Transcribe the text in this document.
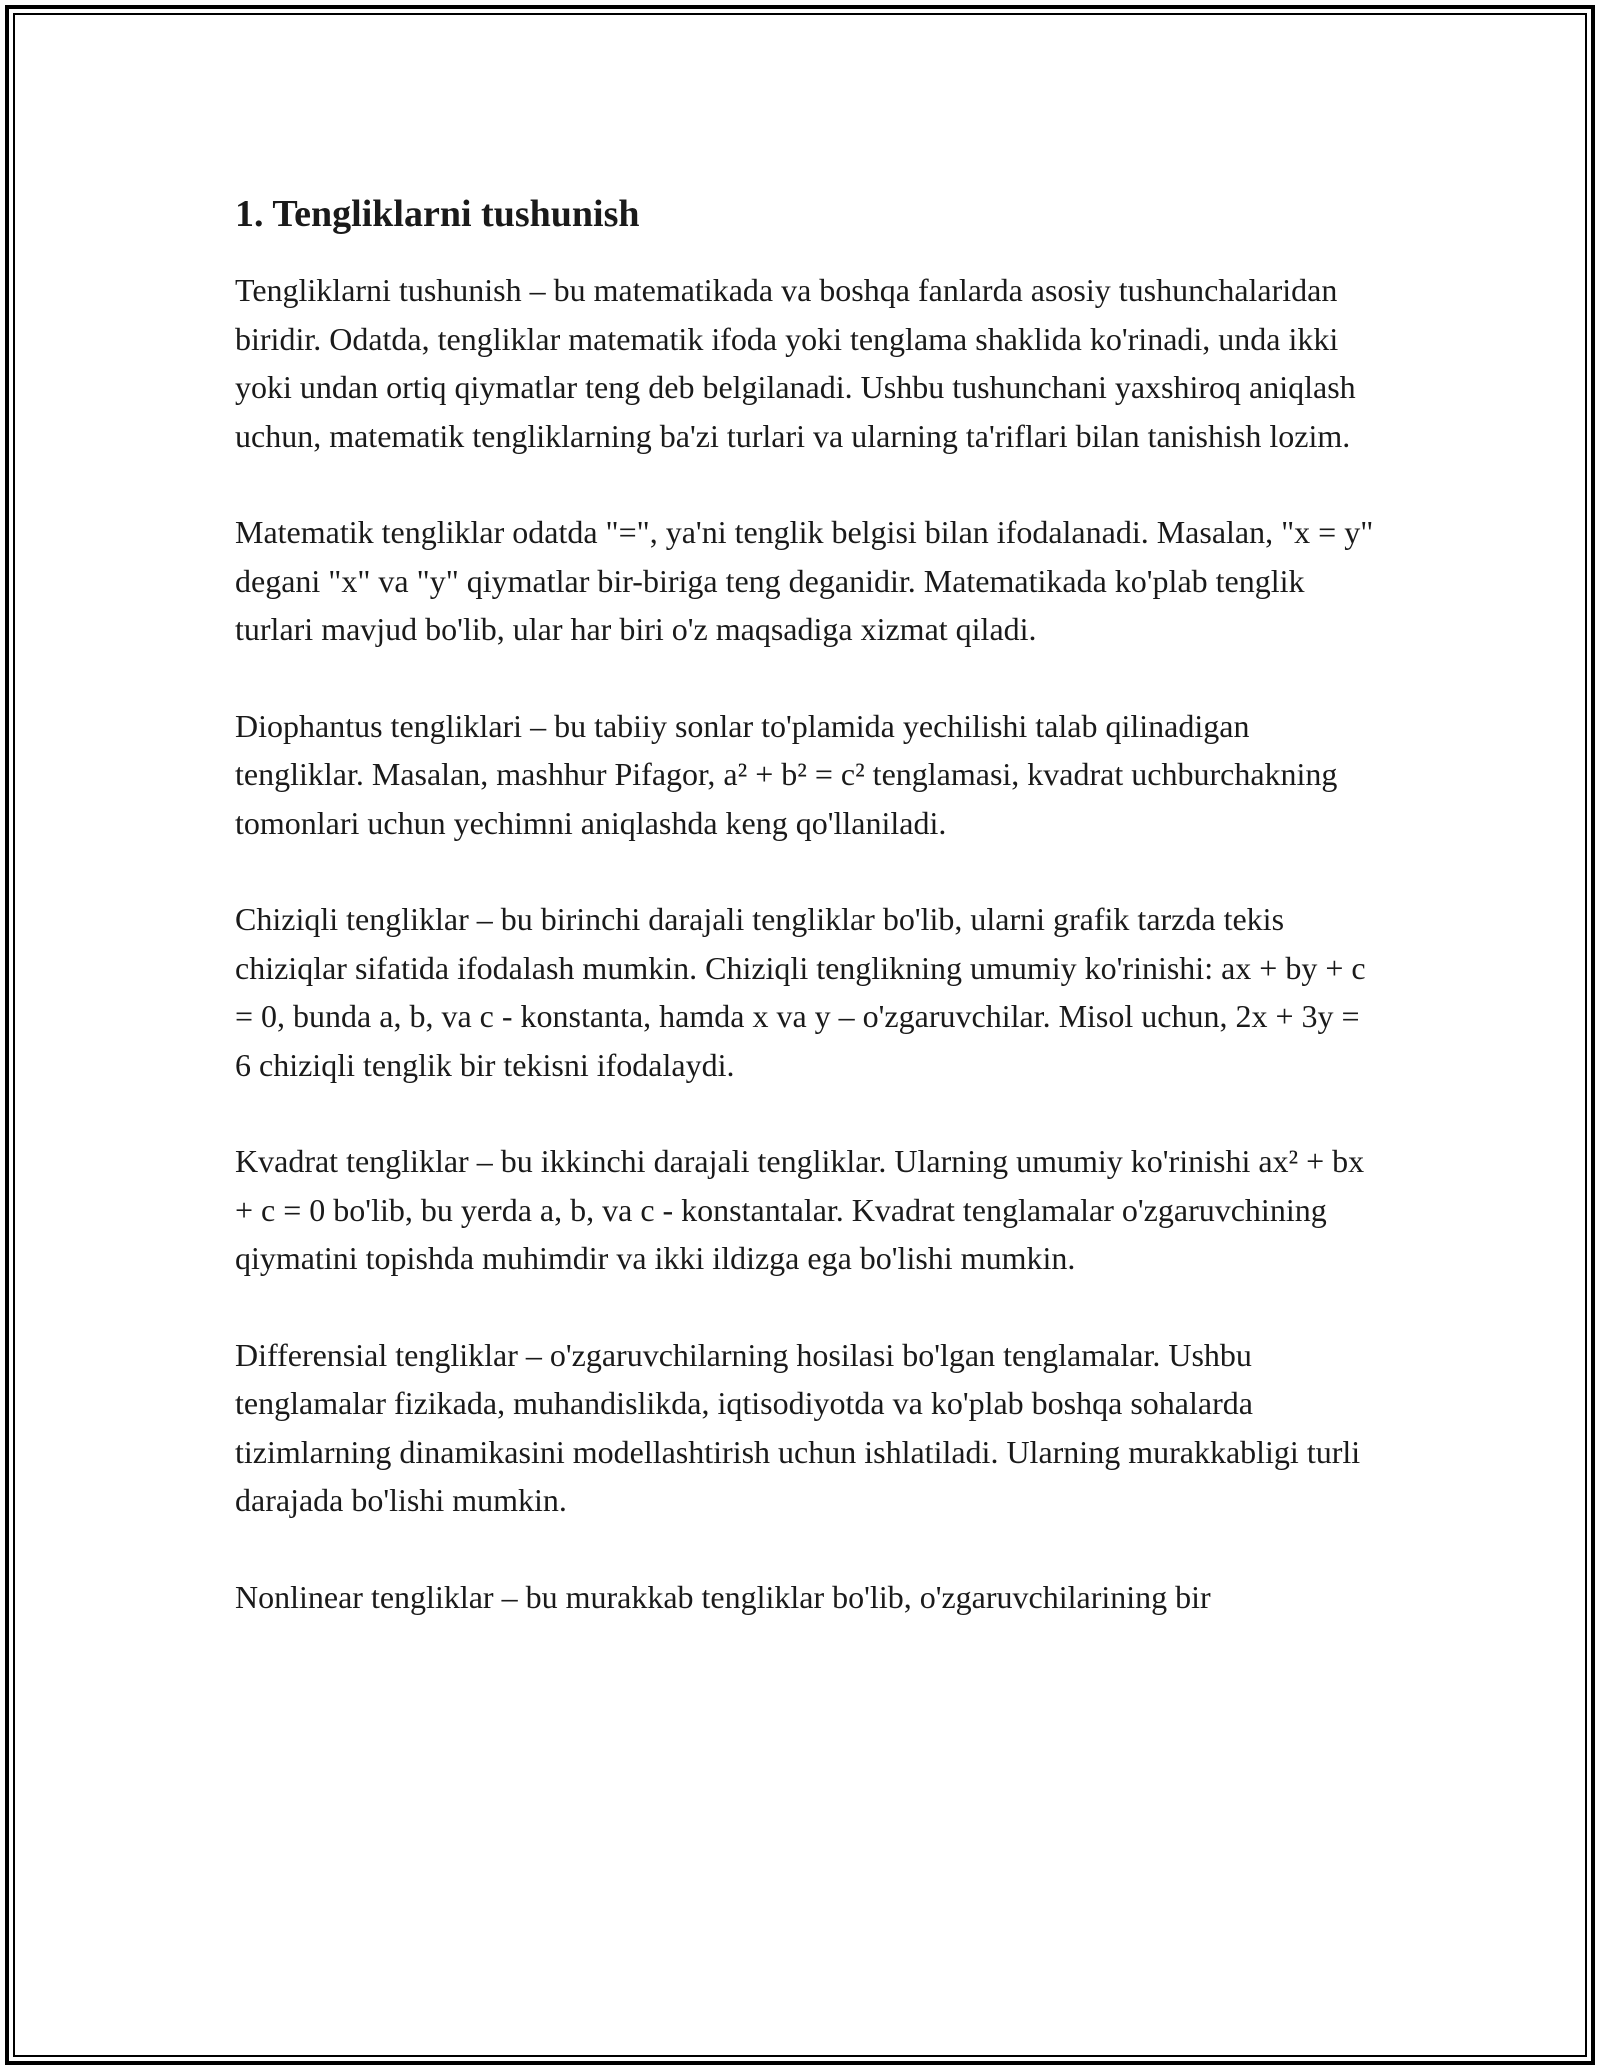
1. Tengliklarni tushunish

Tengliklarni tushunish – bu matematikada va boshqa fanlarda asosiy tushunchalaridan biridir. Odatda, tengliklar matematik ifoda yoki tenglama shaklida ko'rinadi, unda ikki yoki undan ortiq qiymatlar teng deb belgilanadi. Ushbu tushunchani yaxshiroq aniqlash uchun, matematik tengliklarning ba'zi turlari va ularning ta'riflari bilan tanishish lozim.

Matematik tengliklar odatda "=", ya'ni tenglik belgisi bilan ifodalanadi. Masalan, "x = y" degani "x" va "y" qiymatlar bir-biriga teng deganidir. Matematikada ko'plab tenglik turlari mavjud bo'lib, ular har biri o'z maqsadiga xizmat qiladi.

Diophantus tengliklari – bu tabiiy sonlar to'plamida yechilishi talab qilinadigan tengliklar. Masalan, mashhur Pifagor, a² + b² = c² tenglamasi, kvadrat uchburchakning tomonlari uchun yechimni aniqlashda keng qo'llaniladi.

Chiziqli tengliklar – bu birinchi darajali tengliklar bo'lib, ularni grafik tarzda tekis chiziqlar sifatida ifodalash mumkin. Chiziqli tenglikning umumiy ko'rinishi: ax + by + c = 0, bunda a, b, va c - konstanta, hamda x va y – o'zgaruvchilar. Misol uchun, 2x + 3y = 6 chiziqli tenglik bir tekisni ifodalaydi.

Kvadrat tengliklar – bu ikkinchi darajali tengliklar. Ularning umumiy ko'rinishi ax² + bx + c = 0 bo'lib, bu yerda a, b, va c - konstantalar. Kvadrat tenglamalar o'zgaruvchining qiymatini topishda muhimdir va ikki ildizga ega bo'lishi mumkin.

Differensial tengliklar – o'zgaruvchilarning hosilasi bo'lgan tenglamalar. Ushbu tenglamalar fizikada, muhandislikda, iqtisodiyotda va ko'plab boshqa sohalarda tizimlarning dinamikasini modellashtirish uchun ishlatiladi. Ularning murakkabligi turli darajada bo'lishi mumkin.

Nonlinear tengliklar – bu murakkab tengliklar bo'lib, o'zgaruvchilarining bir
